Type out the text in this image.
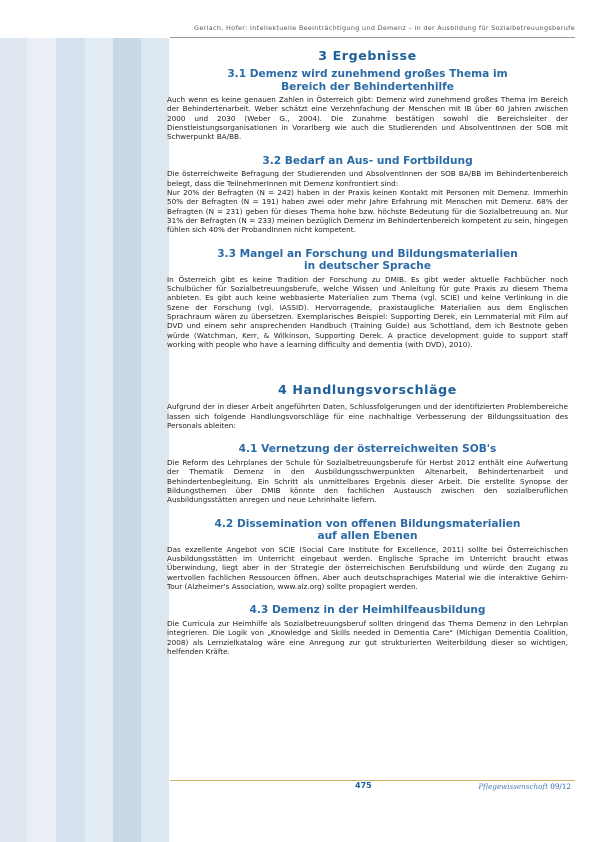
Gerlach, Hofer: Intellektuelle Beeinträchtigung und Demenz – in der Ausbildung für Sozialbetreuungsberufe
3 Ergebnisse
3.1 Demenz wird zunehmend großes Thema im
Bereich der Behindertenhilfe

Auch wenn es keine genauen Zahlen in Österreich gibt: Demenz wird zunehmend großes Thema im Bereich der Behindertenarbeit. Weber schätzt eine Verzehnfachung der Menschen mit IB über 60 Jahren zwischen 2000 und 2030 (Weber G., 2004). Die Zunahme bestätigen sowohl die Bereichsleiter der Dienstleistungsorganisationen in Vorarlberg wie auch die Studierenden und AbsolventInnen der SOB mit Schwerpunkt BA/BB.

3.2 Bedarf an Aus- und Fortbildung

Die österreichweite Befragung der Studierenden und AbsolventInnen der SOB BA/BB im Behindertenbereich belegt, dass die TeilnehmerInnen mit Demenz konfrontiert sind:

Nur 20% der Befragten (N = 242) haben in der Praxis keinen Kontakt mit Personen mit Demenz. Immerhin 50% der Befragten (N = 191) haben zwei oder mehr Jahre Erfahrung mit Menschen mit Demenz. 68% der Befragten (N = 231) geben für dieses Thema hohe bzw. höchste Bedeutung für die Sozialbetreuung an. Nur 31% der Befragten (N = 233) meinen bezüglich Demenz im Behindertenbereich kompetent zu sein, hingegen fühlen sich 40% der ProbandInnen nicht kompetent.

3.3 Mangel an Forschung und Bildungsmaterialien
in deutscher Sprache

In Österreich gibt es keine Tradition der Forschung zu DMIB. Es gibt weder aktuelle Fachbücher noch Schulbücher für Sozialbetreuungsberufe, welche Wissen und Anleitung für gute Praxis zu diesem Thema anbieten. Es gibt auch keine webbasierte Materialien zum Thema (vgl. SCIE) und keine Verlinkung in die Szene der Forschung (vgl. IASSID). Hervorragende, praxistaugliche Materialien aus dem Englischen Sprachraum wären zu übersetzen. Exemplarisches Beispiel: Supporting Derek, ein Lernmaterial mit Film auf DVD und einem sehr ansprechenden Handbuch (Training Guide) aus Schottland, dem ich Bestnote geben würde (Watchman, Kerr, & Wilkinson, Supporting Derek. A practice development guide to support staff working with people who have a learning difficulty and dementia (with DVD), 2010).

4 Handlungsvorschläge

Aufgrund der in dieser Arbeit angeführten Daten, Schlussfolgerungen und der identifizierten Problembereiche lassen sich folgende Handlungsvorschläge für eine nachhaltige Verbesserung der Bildungssituation des Personals ableiten:

4.1 Vernetzung der österreichweiten SOB's

Die Reform des Lehrplanes der Schule für Sozialbetreuungsberufe für Herbst 2012 enthält eine Aufwertung der Thematik Demenz in den Ausbildungsschwerpunkten Altenarbeit, Behindertenarbeit und Behindertenbegleitung. Ein Schritt als unmittelbares Ergebnis dieser Arbeit. Die erstellte Synopse der Bildungsthemen über DMIB könnte den fachlichen Austausch zwischen den sozialberuflichen Ausbildungsstätten anregen und neue Lehrinhalte liefern.

4.2 Dissemination von offenen Bildungsmaterialien
auf allen Ebenen

Das exzellente Angebot von SCIE (Social Care Institute for Excellence, 2011) sollte bei Österreichischen Ausbildungsstätten im Unterricht eingebaut werden. Englische Sprache im Unterricht braucht etwas Überwindung, liegt aber in der Strategie der österreichischen Berufsbildung und würde den Zugang zu wertvollen fachlichen Ressourcen öffnen. Aber auch deutschsprachiges Material wie die interaktive Gehirn-Tour (Alzheimer's Association, www.alz.org) sollte propagiert werden.

4.3 Demenz in der Heimhilfeausbildung

Die Curricula zur Heimhilfe als Sozialbetreuungsberuf sollten dringend das Thema Demenz in den Lehrplan integrieren. Die Logik von „Knowledge and Skills needed in Dementia Care" (Michigan Dementia Coalition, 2008) als Lernzielkatalog wäre eine Anregung zur gut strukturierten Weiterbildung dieser so wichtigen, helfenden Kräfte.

475	Pflegewissenschaft 09/12
